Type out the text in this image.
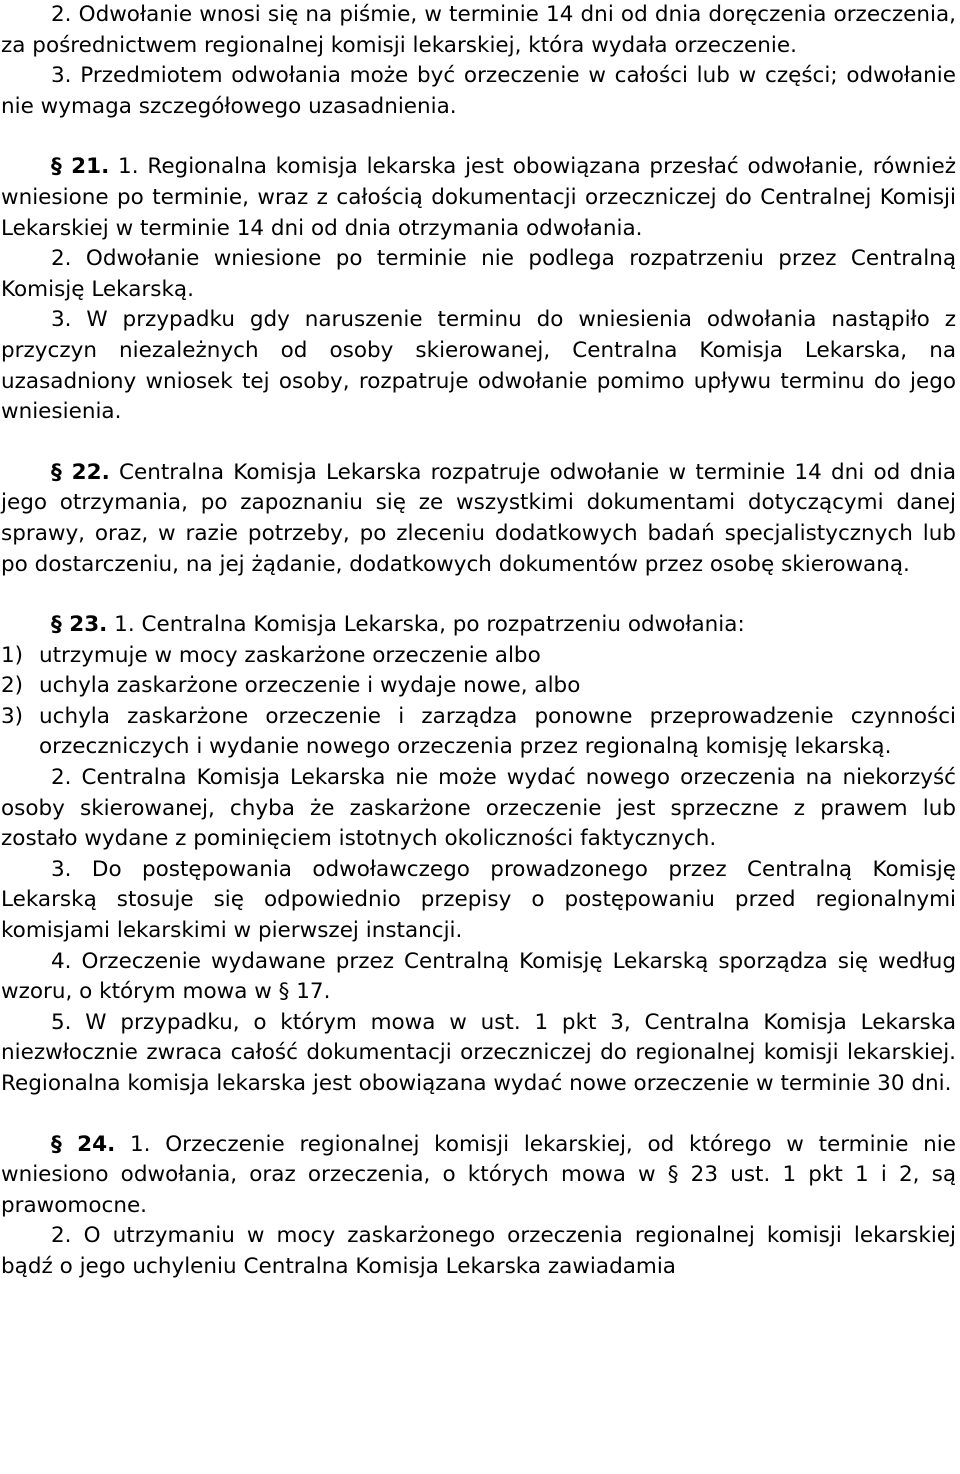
2. Odwołanie wnosi się na piśmie, w terminie 14 dni od dnia doręczenia orzeczenia, za pośrednictwem regionalnej komisji lekarskiej, która wydała orzeczenie.

3. Przedmiotem odwołania może być orzeczenie w całości lub w części; odwołanie nie wymaga szczegółowego uzasadnienia.

§ 21. 1. Regionalna komisja lekarska jest obowiązana przesłać odwołanie, również wniesione po terminie, wraz z całością dokumentacji orzeczniczej do Centralnej Komisji Lekarskiej w terminie 14 dni od dnia otrzymania odwołania.

2. Odwołanie wniesione po terminie nie podlega rozpatrzeniu przez Centralną Komisję Lekarską.

3. W przypadku gdy naruszenie terminu do wniesienia odwołania nastąpiło z przyczyn niezależnych od osoby skierowanej, Centralna Komisja Lekarska, na uzasadniony wniosek tej osoby, rozpatruje odwołanie pomimo upływu terminu do jego wniesienia.

§ 22. Centralna Komisja Lekarska rozpatruje odwołanie w terminie 14 dni od dnia jego otrzymania, po zapoznaniu się ze wszystkimi dokumentami dotyczącymi danej sprawy, oraz, w razie potrzeby, po zleceniu dodatkowych badań specjalistycznych lub po dostarczeniu, na jej żądanie, dodatkowych dokumentów przez osobę skierowaną.

§ 23. 1. Centralna Komisja Lekarska, po rozpatrzeniu odwołania:

1) utrzymuje w mocy zaskarżone orzeczenie albo
2) uchyla zaskarżone orzeczenie i wydaje nowe, albo
3) uchyla zaskarżone orzeczenie i zarządza ponowne przeprowadzenie czynności orzeczniczych i wydanie nowego orzeczenia przez regionalną komisję lekarską.

2. Centralna Komisja Lekarska nie może wydać nowego orzeczenia na niekorzyść osoby skierowanej, chyba że zaskarżone orzeczenie jest sprzeczne z prawem lub zostało wydane z pominięciem istotnych okoliczności faktycznych.

3. Do postępowania odwoławczego prowadzonego przez Centralną Komisję Lekarską stosuje się odpowiednio przepisy o postępowaniu przed regionalnymi komisjami lekarskimi w pierwszej instancji.

4. Orzeczenie wydawane przez Centralną Komisję Lekarską sporządza się według wzoru, o którym mowa w § 17.

5. W przypadku, o którym mowa w ust. 1 pkt 3, Centralna Komisja Lekarska niezwłocznie zwraca całość dokumentacji orzeczniczej do regionalnej komisji lekarskiej. Regionalna komisja lekarska jest obowiązana wydać nowe orzeczenie w terminie 30 dni.

§ 24. 1. Orzeczenie regionalnej komisji lekarskiej, od którego w terminie nie wniesiono odwołania, oraz orzeczenia, o których mowa w § 23 ust. 1 pkt 1 i 2, są prawomocne.

2. O utrzymaniu w mocy zaskarżonego orzeczenia regionalnej komisji lekarskiej bądź o jego uchyleniu Centralna Komisja Lekarska zawiadamia
